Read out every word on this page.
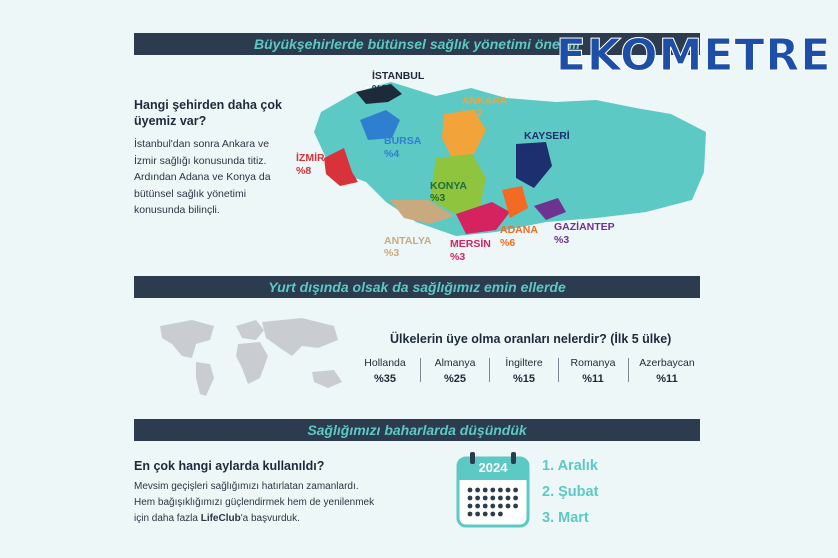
Büyükşehirlerde bütünsel sağlık yönetimi önemli
EKOMETRE
Hangi şehirden daha çok üyemiz var?
İstanbul'dan sonra Ankara ve İzmir sağlığı konusunda titiz. Ardından Adana ve Konya da bütünsel sağlık yönetimi konusunda bilinçli.
İSTANBUL
%31
ANKARA
%12
BURSA
%4
KAYSERİ
%2
İZMİR
%8
KONYA
%3
ANTALYA
%3
MERSİN
%3
ADANA
%6
GAZİANTEP
%3
Yurt dışında olsak da sağlığımız emin ellerde
Ülkelerin üye olma oranları nelerdir? (İlk 5 ülke)
Hollanda
%35
Almanya
%25
İngiltere
%15
Romanya
%11
Azerbaycan
%11
Sağlığımızı baharlarda düşündük
En çok hangi aylarda kullanıldı?
Mevsim geçişleri sağlığımızı hatırlatan zamanlardı.
Hem bağışıklığımızı güçlendirmek hem de yenilenmek
için daha fazla LifeClub'a başvurduk.
2024	1. Aralık
2. Şubat
3. Mart
